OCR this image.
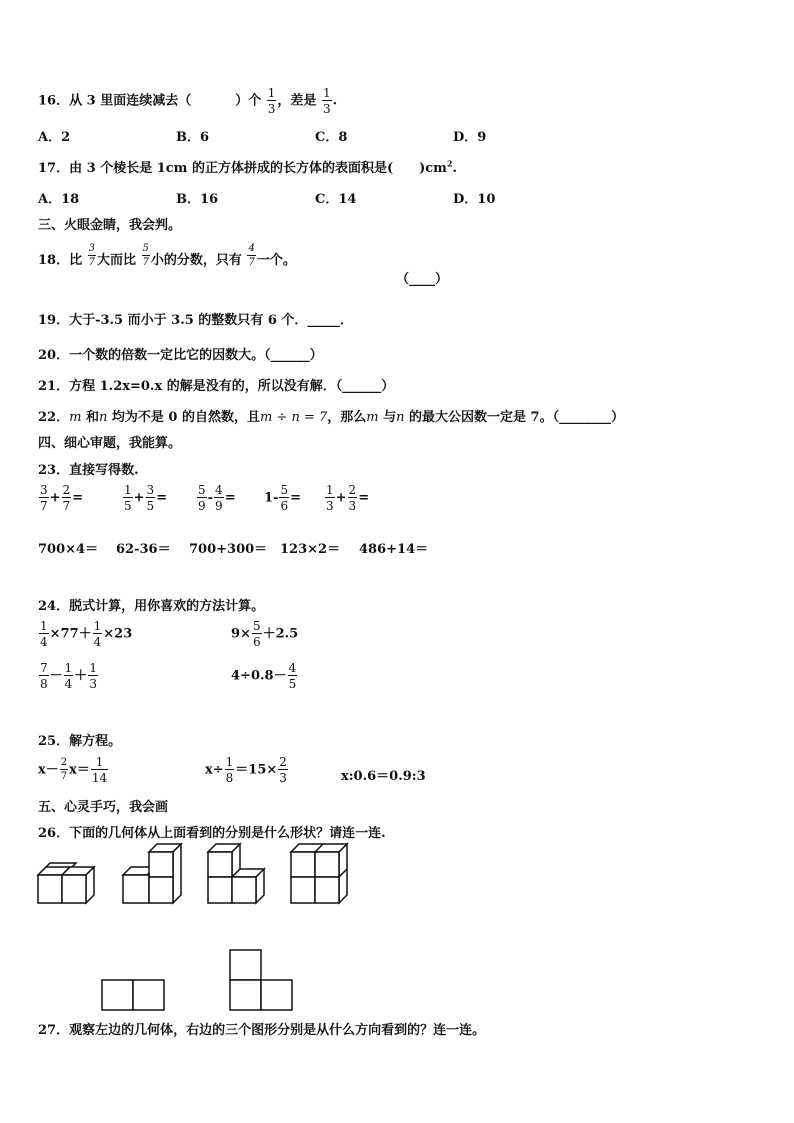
16．从 3 里面连续减去（	）个 $\frac{1}{3}$ ，差是 $\frac{1}{3}$ .
A．2	B．6	C．8	D．9
17．由 3 个棱长是 1cm 的正方体拼成的长方体的表面积是( )$cm^2$.
A．18	B．16	C．14	D．10
三、火眼金睛，我会判。
18．比 $\frac{3}{7}$ 大而比 $\frac{5}{7}$ 小的分数，只有 $\frac{4}{7}$ 一个。
（____）
19．大于-3.5 而小于 3.5 的整数只有 6 个．_____．
20．一个数的倍数一定比它的因数大。（______）
21．方程 1.2x=0.x 的解是没有的，所以没有解．（______）
22．m 和n 均为不是 0 的自然数，且m ÷ n = 7，那么m 与n 的最大公因数一定是 7。（________）
四、细心审题，我能算。
23．直接写得数.
$\frac{3}{7} + \frac{2}{7}$ =	$\frac{1}{5} + \frac{3}{5} = \frac{5}{9} - \frac{4}{9} = 1- \frac{5}{6} = \frac{1}{3} + \frac{2}{3}$ =
700×4＝ 62-36＝ 700+300＝ 123×2＝ 486+14＝
24．脱式计算，用你喜欢的方法计算。
$\frac{1}{4} \times 77+ \frac{1}{4} \times 23$	$9\times \frac{5}{6} +2.5$
$\frac{7}{8} - \frac{1}{4} + \frac{1}{3}$	$4\div 0.8- \frac{4}{5}$
25．解方程。
$x- \frac{2}{7} x= \frac{1}{14}$	$x\div \frac{1}{8} =15\times \frac{2}{3}$	x:0.6＝0.9:3
五、心灵手巧，我会画
26．下面的几何体从上面看到的分别是什么形状？请连一连.
27．观察左边的几何体，右边的三个图形分别是从什么方向看到的？连一连。
